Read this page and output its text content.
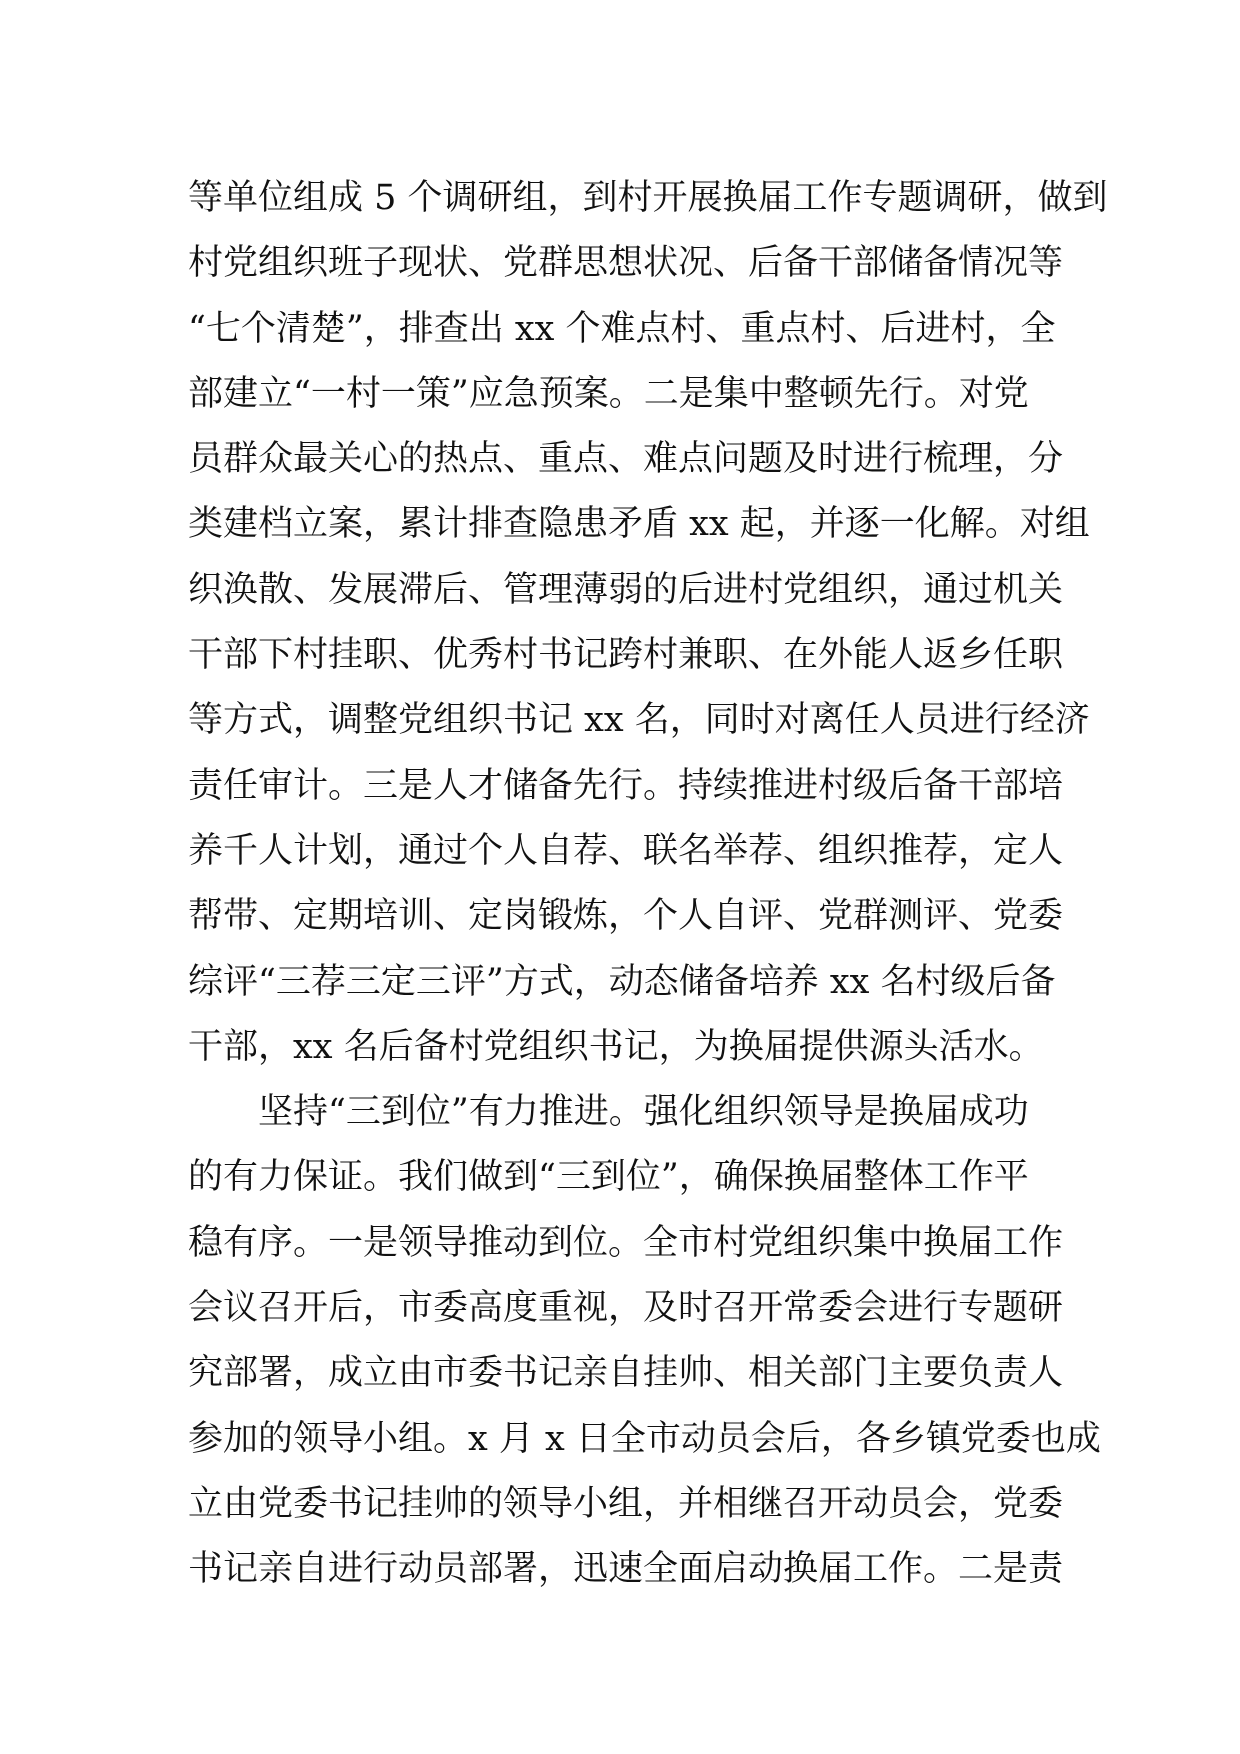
等单位组成 5 个调研组，到村开展换届工作专题调研，做到
村党组织班子现状、党群思想状况、后备干部储备情况等
“七个清楚”，排查出 xx 个难点村、重点村、后进村，全
部建立“一村一策”应急预案。二是集中整顿先行。对党
员群众最关心的热点、重点、难点问题及时进行梳理，分
类建档立案，累计排查隐患矛盾 xx 起，并逐一化解。对组
织涣散、发展滞后、管理薄弱的后进村党组织，通过机关
干部下村挂职、优秀村书记跨村兼职、在外能人返乡任职
等方式，调整党组织书记 xx 名，同时对离任人员进行经济
责任审计。三是人才储备先行。持续推进村级后备干部培
养千人计划，通过个人自荐、联名举荐、组织推荐，定人
帮带、定期培训、定岗锻炼，个人自评、党群测评、党委
综评“三荐三定三评”方式，动态储备培养 xx 名村级后备
干部，xx 名后备村党组织书记，为换届提供源头活水。
坚持“三到位”有力推进。强化组织领导是换届成功
的有力保证。我们做到“三到位”，确保换届整体工作平
稳有序。一是领导推动到位。全市村党组织集中换届工作
会议召开后，市委高度重视，及时召开常委会进行专题研
究部署，成立由市委书记亲自挂帅、相关部门主要负责人
参加的领导小组。x 月 x 日全市动员会后，各乡镇党委也成
立由党委书记挂帅的领导小组，并相继召开动员会，党委
书记亲自进行动员部署，迅速全面启动换届工作。二是责
